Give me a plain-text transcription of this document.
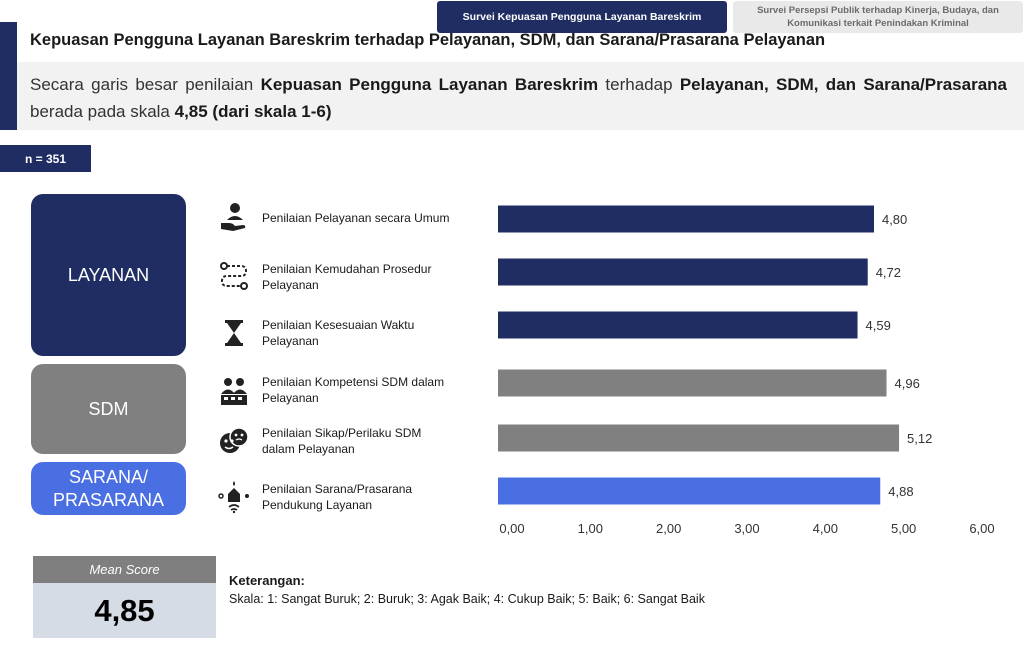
Survei Kepuasan Pengguna Layanan Bareskrim	Survei Persepsi Publik terhadap Kinerja, Budaya, dan Komunikasi terkait Penindakan Kriminal
Kepuasan Pengguna Layanan Bareskrim terhadap Pelayanan, SDM, dan Sarana/Prasarana Pelayanan
Secara garis besar penilaian Kepuasan Pengguna Layanan Bareskrim terhadap Pelayanan, SDM, dan Sarana/Prasarana berada pada skala 4,85 (dari skala 1-6)
n = 351
LAYANAN
SDM
SARANA/ PRASARANA
Penilaian Pelayanan secara Umum
Penilaian Kemudahan Prosedur Pelayanan
Penilaian Kesesuaian Waktu Pelayanan
Penilaian Kompetensi SDM dalam Pelayanan
Penilaian Sikap/Perilaku SDM dalam Pelayanan
Penilaian Sarana/Prasarana Pendukung Layanan
4,80
4,72
4,59
4,96
5,12
4,88
0,00	1,00	2,00	3,00	4,00	5,00	6,00
Mean Score
4,85
Keterangan:
Skala: 1: Sangat Buruk; 2: Buruk; 3: Agak Baik; 4: Cukup Baik; 5: Baik; 6: Sangat Baik
